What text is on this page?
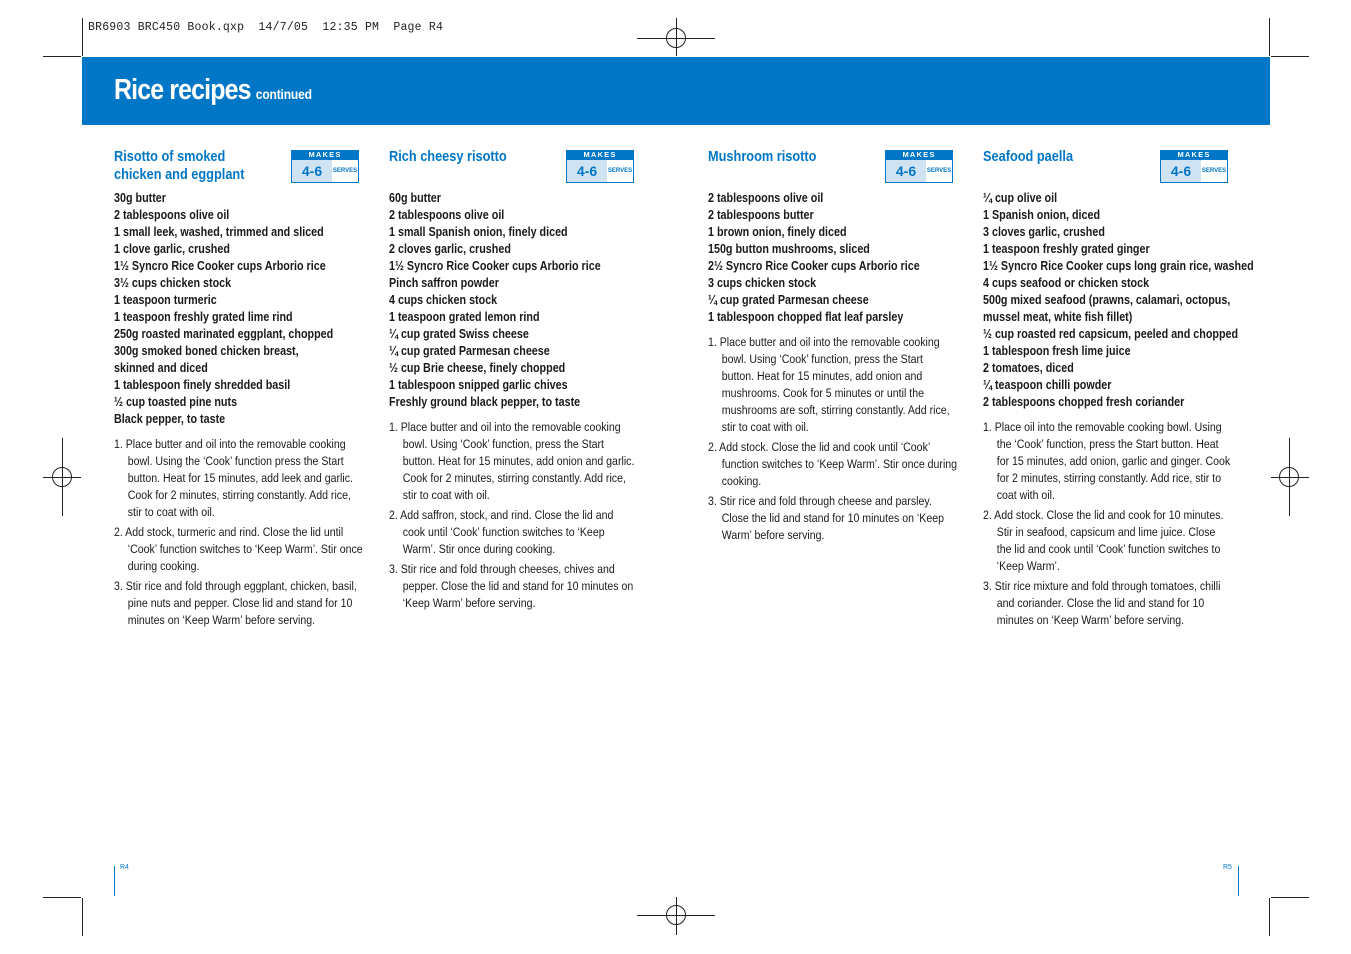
BR6903 BRC450 Book.qxp  14/7/05  12:35 PM  Page R4
Rice recipes continued
Risotto of smoked
chicken and eggplant
MAKES
4-6	SERVES
30g butter
2 tablespoons olive oil
1 small leek, washed, trimmed and sliced
1 clove garlic, crushed
1½ Syncro Rice Cooker cups Arborio rice
3½ cups chicken stock
1 teaspoon turmeric
1 teaspoon freshly grated lime rind
250g roasted marinated eggplant, chopped
300g smoked boned chicken breast,
skinned and diced
1 tablespoon finely shredded basil
½ cup toasted pine nuts
Black pepper, to taste
1. Place butter and oil into the removable cooking bowl. Using the ‘Cook’ function press the Start button. Heat for 15 minutes, add leek and garlic. Cook for 2 minutes, stirring constantly. Add rice, stir to coat with oil.
2. Add stock, turmeric and rind. Close the lid until ‘Cook’ function switches to ‘Keep Warm’. Stir once during cooking.
3. Stir rice and fold through eggplant, chicken, basil, pine nuts and pepper. Close lid and stand for 10 minutes on ‘Keep Warm’ before serving.
Rich cheesy risotto	MAKES
4-6	SERVES
60g butter
2 tablespoons olive oil
1 small Spanish onion, finely diced
2 cloves garlic, crushed
1½ Syncro Rice Cooker cups Arborio rice
Pinch saffron powder
4 cups chicken stock
1 teaspoon grated lemon rind
¼ cup grated Swiss cheese
¼ cup grated Parmesan cheese
½ cup Brie cheese, finely chopped
1 tablespoon snipped garlic chives
Freshly ground black pepper, to taste
1. Place butter and oil into the removable cooking bowl. Using ‘Cook’ function, press the Start button. Heat for 15 minutes, add onion and garlic. Cook for 2 minutes, stirring constantly. Add rice, stir to coat with oil.
2. Add saffron, stock, and rind. Close the lid and cook until ‘Cook’ function switches to ‘Keep Warm’. Stir once during cooking.
3. Stir rice and fold through cheeses, chives and pepper. Close the lid and stand for 10 minutes on ‘Keep Warm’ before serving.
Mushroom risotto	MAKES
4-6	SERVES
2 tablespoons olive oil
2 tablespoons butter
1 brown onion, finely diced
150g button mushrooms, sliced
2½ Syncro Rice Cooker cups Arborio rice
3 cups chicken stock
¼ cup grated Parmesan cheese
1 tablespoon chopped flat leaf parsley
1. Place butter and oil into the removable cooking bowl. Using ‘Cook’ function, press the Start button. Heat for 15 minutes, add onion and mushrooms. Cook for 5 minutes or until the mushrooms are soft, stirring constantly. Add rice, stir to coat with oil.
2. Add stock. Close the lid and cook until ‘Cook’ function switches to ‘Keep Warm’. Stir once during cooking.
3. Stir rice and fold through cheese and parsley. Close the lid and stand for 10 minutes on ‘Keep Warm’ before serving.
Seafood paella	MAKES
4-6	SERVES
¼ cup olive oil
1 Spanish onion, diced
3 cloves garlic, crushed
1 teaspoon freshly grated ginger
1½ Syncro Rice Cooker cups long grain rice, washed
4 cups seafood or chicken stock
500g mixed seafood (prawns, calamari, octopus,
mussel meat, white fish fillet)
½ cup roasted red capsicum, peeled and chopped
1 tablespoon fresh lime juice
2 tomatoes, diced
¼ teaspoon chilli powder
2 tablespoons chopped fresh coriander
1. Place oil into the removable cooking bowl. Using the ‘Cook’ function, press the Start button. Heat for 15 minutes, add onion, garlic and ginger. Cook for 2 minutes, stirring constantly. Add rice, stir to coat with oil.
2. Add stock. Close the lid and cook for 10 minutes. Stir in seafood, capsicum and lime juice. Close the lid and cook until ‘Cook’ function switches to ‘Keep Warm’.
3. Stir rice mixture and fold through tomatoes, chilli and coriander. Close the lid and stand for 10 minutes on ‘Keep Warm’ before serving.
R4	R5
